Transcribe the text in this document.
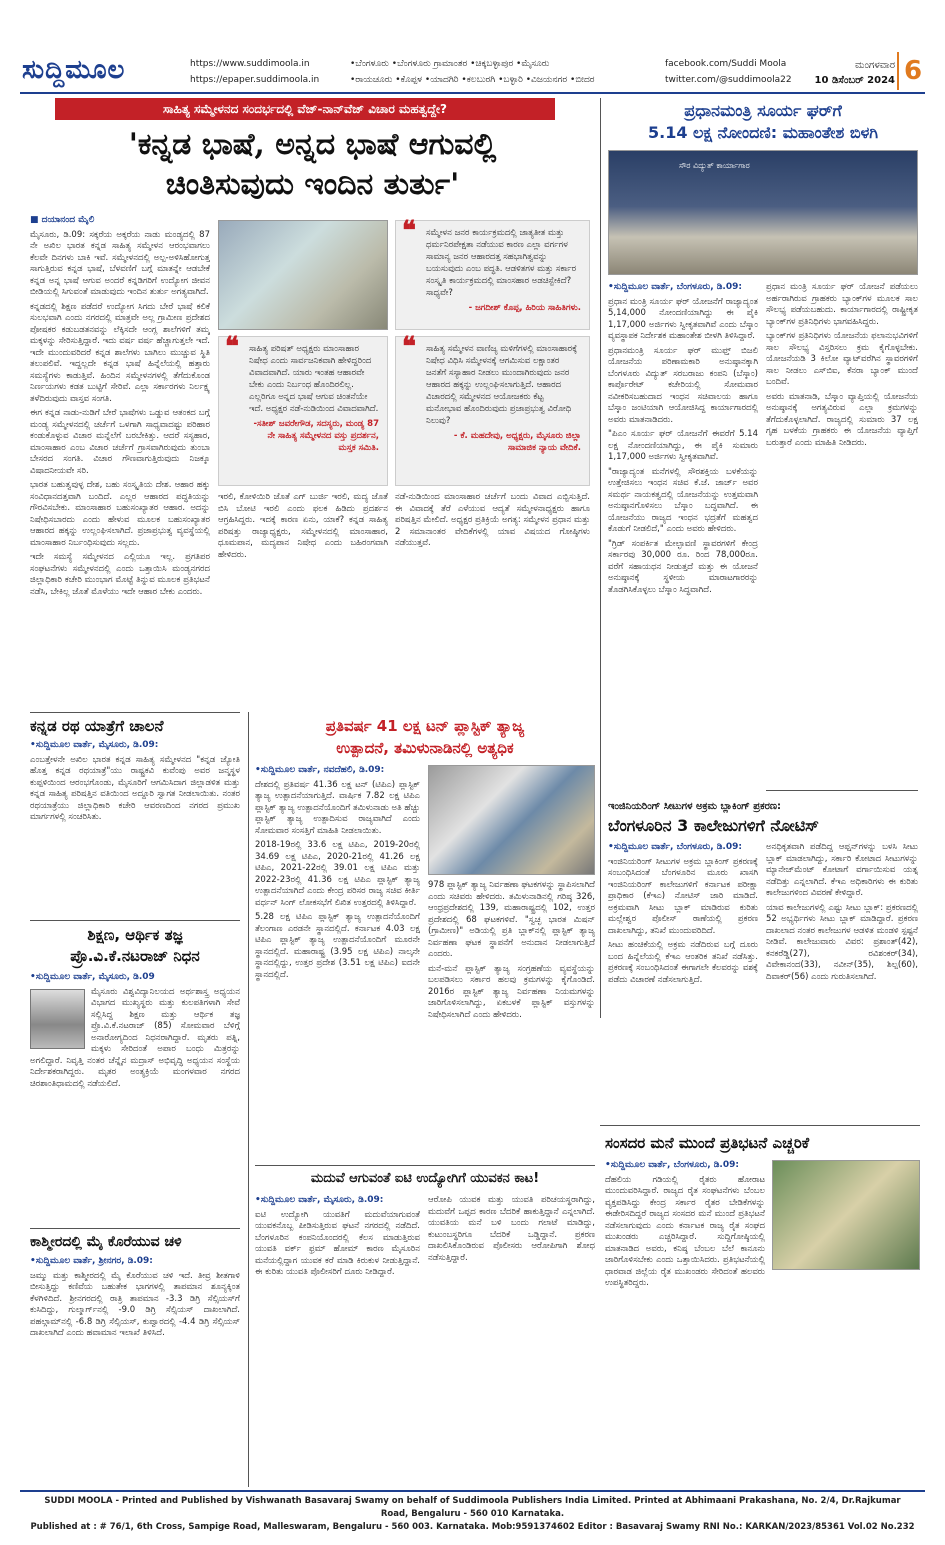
ಸುದ್ದಿಮೂಲ	https://www.suddimoola.in
https://epaper.suddimoola.in
•ಬೆಂಗಳೂರು •ಬೆಂಗಳೂರು ಗ್ರಾಮಾಂತರ •ಚಿಕ್ಕಬಳ್ಳಾಪುರ •ಮೈಸೂರು
•ರಾಯಚೂರು •ಕೊಪ್ಪಳ •ಯಾದಗಿರಿ •ಕಲಬುರಗಿ •ಬಳ್ಳಾರಿ •ವಿಜಯನಗರ •ಬೀದರ
facebook.com/Suddi Moola
twitter.com/@suddimoola22
ಮಂಗಳವಾರ
10 ಡಿಸೆಂಬರ್ 2024 6
ಸಾಹಿತ್ಯ ಸಮ್ಮೇಳನದ ಸಂದರ್ಭದಲ್ಲಿ ವೆಜ್-ನಾನ್‌ವೆಜ್ ವಿಚಾರ ಮಹತ್ವದ್ದೇ?
'ಕನ್ನಡ ಭಾಷೆ, ಅನ್ನದ ಭಾಷೆ ಆಗುವಲ್ಲಿ
ಚಿಂತಿಸುವುದು ಇಂದಿನ ತುರ್ತು'

■ ದಯಾನಂದ ಮೈಲಿ

ಮೈಸೂರು, ಡಿ.09: ಸಕ್ಕರೆಯ ಅಕ್ಕರೆಯ ನಾಡು ಮಂಡ್ಯದಲ್ಲಿ 87 ನೇ ಅಖಿಲ ಭಾರತ ಕನ್ನಡ ಸಾಹಿತ್ಯ ಸಮ್ಮೇಳನ ಆರಂಭವಾಗಲು ಕೆಲವೇ ದಿನಗಳು ಬಾಕಿ ಇವೆ. ಸಮ್ಮೇಳನದಲ್ಲಿ ಅಲ್ಪ-ಅಳಿಸಿಹೋಗುತ್ತ ಸಾಗುತ್ತಿರುವ ಕನ್ನಡ ಭಾಷೆ, ಬೆಳವಣಿಗೆ ಬಗ್ಗೆ ಮಾತನ್ನೇ ಆಡಬೇಕೆ ಕನ್ನಡ ಅನ್ನ ಭಾಷೆ ಆಗುವ ಅಂದರೆ ಕನ್ನಡಿಗರಿಗೆ ಉದ್ಯೋಗ ಜೀವನ ಬೀಡಿಯಲ್ಲಿ ಸಿಗುವಂತೆ ಮಾಡುವುದು ಇಂದಿನ ತುರ್ತು ಅಗತ್ಯವಾಗಿದೆ.

ಕನ್ನಡದಲ್ಲಿ ಶಿಕ್ಷಣ ಪಡೆದರೆ ಉದ್ಯೋಗ ಸಿಗದು ಬೇರೆ ಭಾಷೆ ಕಲಿಕೆ ಸುಲಭವಾಗಿ ಎಂದು ನಗರದಲ್ಲಿ ಮಾತ್ರವೇ ಅಲ್ಲ ಗ್ರಾಮೀಣ ಪ್ರದೇಶದ ಪೋಷಕರ ಕಡುಬಡತನವನ್ನು ಲೆಕ್ಕಿಸದೇ ಆಂಗ್ಲ ಶಾಲೆಗಳಿಗೆ ತಮ್ಮ ಮಕ್ಕಳನ್ನು ಸೇರಿಸುತ್ತಿದ್ದಾರೆ. ಇದು ವರ್ಷ ವರ್ಷ ಹೆಚ್ಚಾಗುತ್ತಲೇ ಇದೆ. ಇದೇ ಮುಂದುವರಿದರೆ ಕನ್ನಡ ಶಾಲೆಗಳು ಬಾಗಿಲು ಮುಚ್ಚುವ ಸ್ಥಿತಿ ತಲುಪಲಿವೆ. ಇದ್ದಲ್ಲದೇ ಕನ್ನಡ ಭಾಷೆ ಹಿನ್ನೆಲೆಯಲ್ಲಿ ಹತ್ತಾರು ಸಮಸ್ಯೆಗಳು ಕಾಡುತ್ತಿವೆ. ಹಿಂದಿನ ಸಮ್ಮೇಳನಗಳಲ್ಲಿ ತೆಗೆದುಕೊಂಡ ನಿರ್ಣಯಗಳು ಕಡತ ಬುಟ್ಟಿಗೆ ಸೇರಿವೆ. ಎಲ್ಲಾ ಸರ್ಕಾರಗಳು ನಿರ್ಲಕ್ಷ್ಯ ತಳೆದಿರುವುದು ವಾಸ್ತವ ಸಂಗತಿ.

ಈಗ ಕನ್ನಡ ನಾಡು-ನುಡಿಗೆ ಬೇರೆ ಭಾಷೆಗಳು ಒಡ್ಡುವ ಆತಂಕದ ಬಗ್ಗೆ ಮಂಡ್ಯ ಸಮ್ಮೇಳನದಲ್ಲಿ ಚರ್ಚೆಗೆ ಒಳಗಾಗಿ ಸಾಧ್ಯವಾದಷ್ಟು ಪರಿಹಾರ ಕಂಡುಕೊಳ್ಳುವ ವಿಚಾರ ಮನ್ನೆಲೆಗೆ ಬರಬೇಕಿತ್ತು. ಆದರೆ ಸಸ್ಯಹಾರ, ಮಾಂಸಾಹಾರ ಎಂಬ ವಿಚಾರ ಚರ್ಚೆಗೆ ಗ್ರಾಸವಾಗಿರುವುದು ತುಂಬಾ ಬೇಸರದ ಸಂಗತಿ. ವಿಚಾರ ಗೌಣವಾಗುತ್ತಿರುವುದು ನಿಜಕ್ಕೂ ವಿಷಾದನೀಯವೇ ಸರಿ.

ಭಾರತ ಬಹುತ್ವವುಳ್ಳ ದೇಶ, ಬಹು ಸಂಸ್ಕೃತಿಯ ದೇಶ. ಆಹಾರ ಹಕ್ಕು ಸಂವಿಧಾನದತ್ತವಾಗಿ ಬಂದಿದೆ. ಎಲ್ಲರ ಆಹಾರದ ಪದ್ಧತಿಯನ್ನು ಗೌರವಿಸಬೇಕು. ಮಾಂಸಾಹಾರ ಬಹುಸಂಖ್ಯಾತರ ಆಹಾರ. ಅದನ್ನು ನಿಷೇಧಿಸಬಾರದು ಎಂದು ಹೇಳುವ ಮೂಲಕ ಬಹುಸಂಖ್ಯಾತರ ಆಹಾರದ ಹಕ್ಕನ್ನು ಉಲ್ಲಂಘಿಸಲಾಗಿದೆ. ಪ್ರಜಾಪ್ರಭುತ್ವ ವ್ಯವಸ್ಥೆಯಲ್ಲಿ ಮಾಂಸಾಹಾರ ನಿರ್ಬಂಧಿಸುವುದು ಸಲ್ಲದು.

ಇದೇ ಸಮಸ್ಯೆ ಸಮ್ಮೇಳನದ ಎಲ್ಲಿಯೂ ಇಲ್ಲ. ಪ್ರಗತಿಪರ ಸಂಘಟನೆಗಳು ಸಮ್ಮೇಳನದಲ್ಲಿ ಎಂದು ಒತ್ತಾಯಿಸಿ ಮಂಡ್ಯನಗರದ ಜಿಲ್ಲಾಧಿಕಾರಿ ಕಚೇರಿ ಮುಂಭಾಗ ಮೊಟ್ಟೆ ತಿನ್ನುವ ಮೂಲಕ ಪ್ರತಿಭಟನೆ ನಡೆಸಿ, ಬೇಕಿಲ್ಲ ಜೊತೆ ಮೊಳೆಯು ಇದೇ ಆಹಾರ ಬೇಕು ಎಂದರು.

❝ ಸಮ್ಮೇಳನ ಜನರ ಕಾರ್ಯಕ್ರಮದಲ್ಲಿ ಜಾತ್ಯತೀತ ಮತ್ತು ಧರ್ಮನಿರಪೇಕ್ಷತಾ ನಡೆಯುವ ಕಾರಣ ಎಲ್ಲಾ ವರ್ಗಗಳ ಸಾಮಾನ್ಯ ಜನರ ಆಹಾರದತ್ತ ಸಹಭಾಗಿತ್ವವನ್ನು ಬಯಸುವುದು ಎಂಬ ಪದ್ಧತಿ. ಆಡಳಿತಗಳ ಮತ್ತು ಸರ್ಕಾರ ಸಂಸ್ಕೃತಿ ಕಾರ್ಯಕ್ರಮದಲ್ಲಿ ಮಾಂಸಹಾರ ಅಡಚಿಸ್ಬೇಕಿದೆ? ಸಾಧ್ಯವೇ?
- ಜಗದೀಶ್ ಕೊಪ್ಪ, ಹಿರಿಯ ಸಾಹಿತಿಗಳು.
❝ ಸಾಹಿತ್ಯ ಪರಿಷತ್ ಅಧ್ಯಕ್ಷರು ಮಾಂಸಾಹಾರ ನಿಷೇಧ ಎಂದು ಸಾರ್ವಜನಿಕವಾಗಿ ಹೇಳಿದ್ದರಿಂದ ವಿವಾದವಾಗಿದೆ. ಯಾರು ಇಂತಹ ಆಹಾರವೇ ಬೇಕು ಎಂದು ನಿರ್ಬಂಧ ಹೊಂದಿರಲಿಲ್ಲ. ಎಲ್ಲರಿಗೂ ಅನ್ನದ ಭಾಷೆ ಆಗುವ ಚಿಂತನೆಯೇ ಇದೆ. ಅಧ್ಯಕ್ಷರ ನಡೆ-ನುಡಿಯಿಂದ ವಿವಾದವಾಗಿದೆ.
-ಸತೀಶ್ ಜವರೇಗೌಡ, ಸದಸ್ಯರು, ಮಂಡ್ಯ 87 ನೇ ಸಾಹಿತ್ಯ ಸಮ್ಮೇಳನದ ವಸ್ತು ಪ್ರದರ್ಶನ, ಮಸ್ತಕ ಸಮಿತಿ.
❝ ಸಾಹಿತ್ಯ ಸಮ್ಮೇಳನ ವಾಣಿಜ್ಯ ಮಳಿಗೆಗಳಲ್ಲಿ ಮಾಂಸಾಹಾರಕ್ಕೆ ನಿಷೇಧ ವಿಧಿಸಿ ಸಮ್ಮೇಳನಕ್ಕೆ ಆಗಮಿಸುವ ಲಕ್ಷಾಂತರ ಜನತೆಗೆ ಸಸ್ಯಾಹಾರ ನೀಡಲು ಮುಂದಾಗಿರುವುದು ಜನರ ಆಹಾರದ ಹಕ್ಕನ್ನು ಉಲ್ಲಂಘಿಸಲಾಗುತ್ತಿದೆ. ಆಹಾರದ ವಿಚಾರದಲ್ಲಿ ಸಮ್ಮೇಳನದ ಆಯೋಜಕರು ಕೆಟ್ಟ ಮನೋಭಾವ ಹೊಂದಿರುವುದು ಪ್ರಜಾಪ್ರಭುತ್ವ ವಿರೋಧಿ ನಿಲುವು?
- ಕೆ. ಮಹದೇವು, ಅಧ್ಯಕ್ಷರು, ಮೈಸೂರು ಜಿಲ್ಲಾ ಸಾಮಾಜಿಕ ನ್ಯಾಯ ವೇದಿಕೆ.

ಇರಲಿ, ಕೋಳಿಯಿರಿ ಜೊತೆ ಎಗ್ ಬುರ್ಜಿ ಇರಲಿ, ಮದ್ಯ ಜೊತೆ ಬಿಸಿ ಬೋಟಿ ಇರಲಿ ಎಂದು ಫಲಕ ಹಿಡಿದು ಪ್ರದರ್ಶನ ಆಗ್ರಹಿಸಿದ್ದರು. ಇದಕ್ಕೆ ಕಾರಣ ಏನು, ಯಾಕೆ? ಕನ್ನಡ ಸಾಹಿತ್ಯ ಪರಿಷತ್ತು ರಾಜ್ಯಾಧ್ಯಕ್ಷರು, ಸಮ್ಮೇಳನದಲ್ಲಿ ಮಾಂಸಾಹಾರ, ಧೂಮಪಾನ, ಮದ್ಯಪಾನ ನಿಷೇಧ ಎಂದು ಬಹಿರಂಗವಾಗಿ ಹೇಳಿದರು.

ನಡೆ-ನುಡಿಯಿಂದ ಮಾಂಸಾಹಾರ ಚರ್ಚೆಗೆ ಬಂದು ವಿವಾದ ಎಬ್ಬಿಸುತ್ತಿದೆ. ಈ ವಿವಾದಕ್ಕೆ ತೆರೆ ಎಳೆಯುವ ಆದ್ಯತೆ ಸಮ್ಮೇಳನಾಧ್ಯಕ್ಷರು ಹಾಗೂ ಪರಿಷತ್ತಿನ ಮೇಲಿದೆ. ಅಧ್ಯಕ್ಷರ ಪ್ರತಿಕ್ರಿಯೆ ಅಗತ್ಯ: ಸಮ್ಮೇಳನ ಪ್ರಧಾನ ಮತ್ತು 2 ಸಮಾನಾಂತರ ವೇದಿಕೆಗಳಲ್ಲಿ ಯಾವ ವಿಷಯದ ಗೋಷ್ಠಿಗಳು ನಡೆಯುತ್ತವೆ.

ಪ್ರಧಾನಮಂತ್ರಿ ಸೂರ್ಯ ಘರ್‌ಗೆ
5.14 ಲಕ್ಷ ನೋಂದಣಿ: ಮಹಾಂತೇಶ ಬಿಳಗಿ
ಸೌರ ವಿದ್ಯುತ್ ಕಾರ್ಯಾಗಾರ

•ಸುದ್ದಿಮೂಲ ವಾರ್ತೆ, ಬೆಂಗಳೂರು, ಡಿ.09:

ಪ್ರಧಾನ ಮಂತ್ರಿ ಸೂರ್ಯ ಘರ್ ಯೋಜನೆಗೆ ರಾಜ್ಯಾದ್ಯಂತ 5,14,000 ನೋಂದಣಿಯಾಗಿದ್ದು ಈ ಪೈಕಿ 1,17,000 ಅರ್ಜಿಗಳು ಸ್ವೀಕೃತವಾಗಿವೆ ಎಂದು ಬೆಸ್ಕಾಂ ವ್ಯವಸ್ಥಾಪಕ ನಿರ್ದೇಶಕ ಮಹಾಂತೇಶ ಬೀಳಗಿ ತಿಳಿಸಿದ್ದಾರೆ.

ಪ್ರಧಾನಮಂತ್ರಿ ಸೂರ್ಯ ಘರ್ ಮುಫ್ತ್ ಬಿಜಲಿ ಯೋಜನೆಯ ಪರಿಣಾಮಕಾರಿ ಅನುಷ್ಠಾನಕ್ಕಾಗಿ ಬೆಂಗಳೂರು ವಿದ್ಯುತ್ ಸರಬರಾಜು ಕಂಪನಿ (ಬೆಸ್ಕಾಂ) ಕಾರ್ಪೊರೇಟ್ ಕಚೇರಿಯಲ್ಲಿ ಸೋಮವಾರ ನವೀಕರಿಸಬಹುದಾದ ಇಂಧನ ಸಚಿವಾಲಯ ಹಾಗೂ ಬೆಸ್ಕಾಂ ಜಂಟಿಯಾಗಿ ಆಯೋಜಿಸಿದ್ದ ಕಾರ್ಯಾಗಾರದಲ್ಲಿ ಅವರು ಮಾತನಾಡಿದರು.

"ಪಿಎಂ ಸೂರ್ಯ ಘರ್ ಯೋಜನೆಗೆ ಈವರೆಗೆ 5.14 ಲಕ್ಷ ನೋಂದಣಿಯಾಗಿದ್ದು, ಈ ಪೈಕಿ ಸುಮಾರು 1,17,000 ಅರ್ಜಿಗಳು ಸ್ವೀಕೃತವಾಗಿವೆ.

"ರಾಜ್ಯಾದ್ಯಂತ ಮನೆಗಳಲ್ಲಿ ಸೌರಶಕ್ತಿಯ ಬಳಕೆಯನ್ನು ಉತ್ತೇಜಿಸಲು ಇಂಧನ ಸಚಿವ ಕೆ.ಜೆ. ಜಾರ್ಜ್ ಅವರ ಸಮರ್ಥ ನಾಯಕತ್ವದಲ್ಲಿ ಯೋಜನೆಯನ್ನು ಉತ್ತಮವಾಗಿ ಅನುಷ್ಠಾನಗೊಳಿಸಲು ಬೆಸ್ಕಾಂ ಬದ್ಧವಾಗಿದೆ. ಈ ಯೋಜನೆಯು ರಾಜ್ಯದ ಇಂಧನ ಭದ್ರತೆಗೆ ಮಹತ್ವದ ಕೊಡುಗೆ ನೀಡಲಿದೆ," ಎಂದು ಅವರು ಹೇಳಿದರು.

"ಗ್ರಿಡ್ ಸಂಪರ್ಕಿತ ಮೇಲ್ಛಾವಣಿ ಸ್ಥಾವರಗಳಿಗೆ ಕೇಂದ್ರ ಸರ್ಕಾರವು 30,000 ರೂ. ರಿಂದ 78,000ರೂ. ವರೆಗೆ ಸಹಾಯಧನ ನೀಡುತ್ತದೆ ಮತ್ತು ಈ ಯೋಜನೆ ಅನುಷ್ಠಾನಕ್ಕೆ ಸ್ಥಳೀಯ ಮಾರಾಟಗಾರರನ್ನು ತೊಡಗಿಸಿಕೊಳ್ಳಲು ಬೆಸ್ಕಾಂ ಸಿದ್ಧವಾಗಿದೆ.

ಪ್ರಧಾನ ಮಂತ್ರಿ ಸೂರ್ಯ ಘರ್ ಯೋಜನೆ ಪಡೆಯಲು ಅರ್ಹರಾಗಿರುವ ಗ್ರಾಹಕರು ಬ್ಯಾಂಕ್‌ಗಳ ಮೂಲಕ ಸಾಲ ಸೌಲಭ್ಯ ಪಡೆಯಬಹುದು. ಕಾರ್ಯಾಗಾರದಲ್ಲಿ ರಾಷ್ಟ್ರೀಕೃತ ಬ್ಯಾಂಕ್‌ಗಳ ಪ್ರತಿನಿಧಿಗಳು ಭಾಗವಹಿಸಿದ್ದರು.

ಬ್ಯಾಂಕ್‌ಗಳ ಪ್ರತಿನಿಧಿಗಳು ಯೋಜನೆಯ ಫಲಾನುಭವಿಗಳಿಗೆ ಸಾಲ ಸೌಲಭ್ಯ ವಿಸ್ತರಿಸಲು ಕ್ರಮ ಕೈಗೊಳ್ಳಬೇಕು. ಯೋಜನೆಯಡಿ 3 ಕಿಲೋ ವ್ಯಾಟ್‌ವರೆಗಿನ ಸ್ಥಾವರಗಳಿಗೆ ಸಾಲ ನೀಡಲು ಎಸ್‌ಬಿಐ, ಕೆನರಾ ಬ್ಯಾಂಕ್ ಮುಂದೆ ಬಂದಿವೆ.

ಅವರು ಮಾತನಾಡಿ, ಬೆಸ್ಕಾಂ ವ್ಯಾಪ್ತಿಯಲ್ಲಿ ಯೋಜನೆಯ ಅನುಷ್ಠಾನಕ್ಕೆ ಅಗತ್ಯವಿರುವ ಎಲ್ಲಾ ಕ್ರಮಗಳನ್ನು ತೆಗೆದುಕೊಳ್ಳಲಾಗಿದೆ. ರಾಜ್ಯದಲ್ಲಿ ಸುಮಾರು 37 ಲಕ್ಷ ಗೃಹ ಬಳಕೆಯ ಗ್ರಾಹಕರು ಈ ಯೋಜನೆಯ ವ್ಯಾಪ್ತಿಗೆ ಬರುತ್ತಾರೆ ಎಂದು ಮಾಹಿತಿ ನೀಡಿದರು.

ಇಂಜಿನಿಯರಿಂಗ್ ಸೀಟುಗಳ ಅಕ್ರಮ ಬ್ಲಾಕಿಂಗ್ ಪ್ರಕರಣ:
ಬೆಂಗಳೂರಿನ 3 ಕಾಲೇಜುಗಳಿಗೆ ನೋಟಿಸ್

•ಸುದ್ದಿಮೂಲ ವಾರ್ತೆ, ಬೆಂಗಳೂರು, ಡಿ.09:

ಇಂಜಿನಿಯರಿಂಗ್ ಸೀಟುಗಳ ಅಕ್ರಮ ಬ್ಲಾಕಿಂಗ್ ಪ್ರಕರಣಕ್ಕೆ ಸಂಬಂಧಿಸಿದಂತೆ ಬೆಂಗಳೂರಿನ ಮೂರು ಖಾಸಗಿ ಇಂಜಿನಿಯರಿಂಗ್ ಕಾಲೇಜುಗಳಿಗೆ ಕರ್ನಾಟಕ ಪರೀಕ್ಷಾ ಪ್ರಾಧಿಕಾರ (ಕೆಇಎ) ನೋಟಿಸ್ ಜಾರಿ ಮಾಡಿದೆ. ಅಕ್ರಮವಾಗಿ ಸೀಟು ಬ್ಲಾಕ್ ಮಾಡಿರುವ ಕುರಿತು ಮಲ್ಲೇಶ್ವರ ಪೊಲೀಸ್ ಠಾಣೆಯಲ್ಲಿ ಪ್ರಕರಣ ದಾಖಲಾಗಿದ್ದು, ತನಿಖೆ ಮುಂದುವರಿದಿದೆ.

ಸೀಟು ಹಂಚಿಕೆಯಲ್ಲಿ ಅಕ್ರಮ ನಡೆದಿರುವ ಬಗ್ಗೆ ದೂರು ಬಂದ ಹಿನ್ನೆಲೆಯಲ್ಲಿ ಕೆಇಎ ಆಂತರಿಕ ತನಿಖೆ ನಡೆಸಿತ್ತು. ಪ್ರಕರಣಕ್ಕೆ ಸಂಬಂಧಿಸಿದಂತೆ ಈಗಾಗಲೇ ಕೆಲವರನ್ನು ವಶಕ್ಕೆ ಪಡೆದು ವಿಚಾರಣೆ ನಡೆಸಲಾಗುತ್ತಿದೆ.

ಅನಧಿಕೃತವಾಗಿ ಪಡೆದಿದ್ದ ಆಪ್ಷನ್‌ಗಳನ್ನು ಬಳಸಿ ಸೀಟು ಬ್ಲಾಕ್ ಮಾಡಲಾಗಿದ್ದು, ಸರ್ಕಾರಿ ಕೋಟಾದ ಸೀಟುಗಳನ್ನು ಮ್ಯಾನೇಜ್‌ಮೆಂಟ್ ಕೋಟಾಗೆ ವರ್ಗಾಯಿಸುವ ಯತ್ನ ನಡೆದಿತ್ತು ಎನ್ನಲಾಗಿದೆ. ಕೆಇಎ ಅಧಿಕಾರಿಗಳು ಈ ಕುರಿತು ಕಾಲೇಜುಗಳಿಂದ ವಿವರಣೆ ಕೇಳಿದ್ದಾರೆ.

ಯಾವ ಕಾಲೇಜುಗಳಲ್ಲಿ ಎಷ್ಟು ಸೀಟು ಬ್ಲಾಕ್: ಪ್ರಕರಣದಲ್ಲಿ 52 ಅಭ್ಯರ್ಥಿಗಳು ಸೀಟು ಬ್ಲಾಕ್ ಮಾಡಿದ್ದಾರೆ. ಪ್ರಕರಣ ದಾಖಲಾದ ನಂತರ ಕಾಲೇಜುಗಳ ಆಡಳಿತ ಮಂಡಳಿ ಸ್ಪಷ್ಟನೆ ನೀಡಿವೆ. ಕಾಲೇಜುವಾರು ವಿವರ: ಪ್ರಶಾಂತ್(42), ಕನಕರೆಡ್ಡಿ(27), ರವಿಶಂಕರ್(34), ವಿವೇಕಾನಂದ(33), ನವೀನ್(35), ಶಿಲ್ಪ(60), ದಿವಾಕರ್(56) ಎಂದು ಗುರುತಿಸಲಾಗಿದೆ.

ಸಂಸದರ ಮನೆ ಮುಂದೆ ಪ್ರತಿಭಟನೆ ಎಚ್ಚರಿಕೆ

•ಸುದ್ದಿಮೂಲ ವಾರ್ತೆ, ಬೆಂಗಳೂರು, ಡಿ.09:

ದೆಹಲಿಯ ಗಡಿಯಲ್ಲಿ ರೈತರು ಹೋರಾಟ ಮುಂದುವರಿಸಿದ್ದಾರೆ. ರಾಜ್ಯದ ರೈತ ಸಂಘಟನೆಗಳು ಬೆಂಬಲ ವ್ಯಕ್ತಪಡಿಸಿದ್ದು ಕೇಂದ್ರ ಸರ್ಕಾರ ರೈತರ ಬೇಡಿಕೆಗಳನ್ನು ಈಡೇರಿಸದಿದ್ದರೆ ರಾಜ್ಯದ ಸಂಸದರ ಮನೆ ಮುಂದೆ ಪ್ರತಿಭಟನೆ ನಡೆಸಲಾಗುವುದು ಎಂದು ಕರ್ನಾಟಕ ರಾಜ್ಯ ರೈತ ಸಂಘದ ಮುಖಂಡರು ಎಚ್ಚರಿಸಿದ್ದಾರೆ. ಸುದ್ದಿಗೋಷ್ಠಿಯಲ್ಲಿ ಮಾತನಾಡಿದ ಅವರು, ಕನಿಷ್ಠ ಬೆಂಬಲ ಬೆಲೆ ಕಾನೂನು ಜಾರಿಗೊಳಿಸಬೇಕು ಎಂದು ಒತ್ತಾಯಿಸಿದರು. ಪ್ರತಿಭಟನೆಯಲ್ಲಿ ಧಾರವಾಡ ಜಿಲ್ಲೆಯ ರೈತ ಮುಖಂಡರು ಸೇರಿದಂತೆ ಹಲವರು ಉಪಸ್ಥಿತರಿದ್ದರು.

ಕನ್ನಡ ರಥ ಯಾತ್ರೆಗೆ ಚಾಲನೆ

•ಸುದ್ದಿಮೂಲ ವಾರ್ತೆ, ಮೈಸೂರು, ಡಿ.09:

ಎಂಬತ್ತೇಳನೇ ಅಖಿಲ ಭಾರತ ಕನ್ನಡ ಸಾಹಿತ್ಯ ಸಮ್ಮೇಳನದ "ಕನ್ನಡ ಜ್ಯೋತಿ ಹೊತ್ತ ಕನ್ನಡ ರಥಯಾತ್ರೆ"ಯು ರಾಷ್ಟ್ರಕವಿ ಕುವೆಂಪು ಅವರ ಜನ್ಮಸ್ಥಳ ಕುಪ್ಪಳಿಯಿಂದ ಆರಂಭಗೊಂಡು, ಮೈಸೂರಿಗೆ ಆಗಮಿಸಿದಾಗ ಜಿಲ್ಲಾಡಳಿತ ಮತ್ತು ಕನ್ನಡ ಸಾಹಿತ್ಯ ಪರಿಷತ್ತಿನ ವತಿಯಿಂದ ಅದ್ದೂರಿ ಸ್ವಾಗತ ನೀಡಲಾಯಿತು. ನಂತರ ರಥಯಾತ್ರೆಯು ಜಿಲ್ಲಾಧಿಕಾರಿ ಕಚೇರಿ ಆವರಣದಿಂದ ನಗರದ ಪ್ರಮುಖ ಮಾರ್ಗಗಳಲ್ಲಿ ಸಂಚರಿಸಿತು.

ಶಿಕ್ಷಣ, ಆರ್ಥಿಕ ತಜ್ಞ
ಪ್ರೊ.ವಿ.ಕೆ.ನಟರಾಜ್ ನಿಧನ

•ಸುದ್ದಿಮೂಲ ವಾರ್ತೆ, ಮೈಸೂರು, ಡಿ.09

ಮೈಸೂರು ವಿಶ್ವವಿದ್ಯಾನಿಲಯದ ಅರ್ಥಶಾಸ್ತ್ರ ಅಧ್ಯಯನ ವಿಭಾಗದ ಮುಖ್ಯಸ್ಥರು ಮತ್ತು ಕುಲಪತಿಗಳಾಗಿ ಸೇವೆ ಸಲ್ಲಿಸಿದ್ದ ಶಿಕ್ಷಣ ಮತ್ತು ಆರ್ಥಿಕ ತಜ್ಞ ಪ್ರೊ.ವಿ.ಕೆ.ನಟರಾಜ್ (85) ಸೋಮವಾರ ಬೆಳಿಗ್ಗೆ ಅನಾರೋಗ್ಯದಿಂದ ನಿಧನರಾಗಿದ್ದಾರೆ. ಮೃತರು ಪತ್ನಿ, ಮಕ್ಕಳು ಸೇರಿದಂತೆ ಅಪಾರ ಬಂಧು ಮಿತ್ರರನ್ನು ಅಗಲಿದ್ದಾರೆ. ನಿವೃತ್ತಿ ನಂತರ ಚೆನ್ನೈನ ಮದ್ರಾಸ್ ಅಭಿವೃದ್ಧಿ ಅಧ್ಯಯನ ಸಂಸ್ಥೆಯ ನಿರ್ದೇಶಕರಾಗಿದ್ದರು. ಮೃತರ ಅಂತ್ಯಕ್ರಿಯೆ ಮಂಗಳವಾರ ನಗರದ ಚಿರಶಾಂತಿಧಾಮದಲ್ಲಿ ನಡೆಯಲಿದೆ.

ಕಾಶ್ಮೀರದಲ್ಲಿ ಮೈ ಕೊರೆಯುವ ಚಳಿ

•ಸುದ್ದಿಮೂಲ ವಾರ್ತೆ, ಶ್ರೀನಗರ, ಡಿ.09:

ಜಮ್ಮು ಮತ್ತು ಕಾಶ್ಮೀರದಲ್ಲಿ ಮೈ ಕೊರೆಯುವ ಚಳಿ ಇದೆ. ತೀವ್ರ ಶೀತಗಾಳಿ ಬೀಸುತ್ತಿದ್ದು ಕಣಿವೆಯ ಬಹುತೇಕ ಭಾಗಗಳಲ್ಲಿ ತಾಪಮಾನ ಶೂನ್ಯಕ್ಕಿಂತ ಕೆಳಗಿಳಿದಿದೆ. ಶ್ರೀನಗರದಲ್ಲಿ ರಾತ್ರಿ ತಾಪಮಾನ -3.3 ಡಿಗ್ರಿ ಸೆಲ್ಸಿಯಸ್‌ಗೆ ಕುಸಿದಿದ್ದು, ಗುಲ್ಮಾರ್ಗ್‌ನಲ್ಲಿ -9.0 ಡಿಗ್ರಿ ಸೆಲ್ಸಿಯಸ್ ದಾಖಲಾಗಿದೆ. ಪಹಲ್ಗಾಮ್‌ನಲ್ಲಿ -6.8 ಡಿಗ್ರಿ ಸೆಲ್ಸಿಯಸ್, ಕುಪ್ವಾರದಲ್ಲಿ -4.4 ಡಿಗ್ರಿ ಸೆಲ್ಸಿಯಸ್ ದಾಖಲಾಗಿದೆ ಎಂದು ಹವಾಮಾನ ಇಲಾಖೆ ತಿಳಿಸಿದೆ.

ಪ್ರತಿವರ್ಷ 41 ಲಕ್ಷ ಟನ್ ಪ್ಲಾಸ್ಟಿಕ್ ತ್ಯಾಜ್ಯ
ಉತ್ಪಾದನೆ, ತಮಿಳುನಾಡಿನಲ್ಲಿ ಅತ್ಯಧಿಕ

•ಸುದ್ದಿಮೂಲ ವಾರ್ತೆ, ನವದೆಹಲಿ, ಡಿ.09:

ದೇಶದಲ್ಲಿ ಪ್ರತಿವರ್ಷ 41.36 ಲಕ್ಷ ಟನ್ (ಟಿಪಿಎ) ಪ್ಲಾಸ್ಟಿಕ್ ತ್ಯಾಜ್ಯ ಉತ್ಪಾದನೆಯಾಗುತ್ತಿದೆ. ವಾರ್ಷಿಕ 7.82 ಲಕ್ಷ ಟಿಪಿಎ ಪ್ಲಾಸ್ಟಿಕ್ ತ್ಯಾಜ್ಯ ಉತ್ಪಾದನೆಯೊಂದಿಗೆ ತಮಿಳುನಾಡು ಅತಿ ಹೆಚ್ಚು ಪ್ಲಾಸ್ಟಿಕ್ ತ್ಯಾಜ್ಯ ಉತ್ಪಾದಿಸುವ ರಾಜ್ಯವಾಗಿದೆ ಎಂದು ಸೋಮವಾರ ಸಂಸತ್ತಿಗೆ ಮಾಹಿತಿ ನೀಡಲಾಯಿತು.

2018-19ರಲ್ಲಿ 33.6 ಲಕ್ಷ ಟಿಪಿಎ, 2019-20ರಲ್ಲಿ 34.69 ಲಕ್ಷ ಟಿಪಿಎ, 2020-21ರಲ್ಲಿ 41.26 ಲಕ್ಷ ಟಿಪಿಎ, 2021-22ರಲ್ಲಿ 39.01 ಲಕ್ಷ ಟಿಪಿಎ ಮತ್ತು 2022-23ರಲ್ಲಿ 41.36 ಲಕ್ಷ ಟಿಪಿಎ ಪ್ಲಾಸ್ಟಿಕ್ ತ್ಯಾಜ್ಯ ಉತ್ಪಾದನೆಯಾಗಿದೆ ಎಂದು ಕೇಂದ್ರ ಪರಿಸರ ರಾಜ್ಯ ಸಚಿವ ಕೀರ್ತಿ ವರ್ಧನ್ ಸಿಂಗ್ ಲೋಕಸಭೆಗೆ ಲಿಖಿತ ಉತ್ತರದಲ್ಲಿ ತಿಳಿಸಿದ್ದಾರೆ.

5.28 ಲಕ್ಷ ಟಿಪಿಎ ಪ್ಲಾಸ್ಟಿಕ್ ತ್ಯಾಜ್ಯ ಉತ್ಪಾದನೆಯೊಂದಿಗೆ ತೆಲಂಗಾಣ ಎರಡನೇ ಸ್ಥಾನದಲ್ಲಿದೆ. ಕರ್ನಾಟಕ 4.03 ಲಕ್ಷ ಟಿಪಿಎ ಪ್ಲಾಸ್ಟಿಕ್ ತ್ಯಾಜ್ಯ ಉತ್ಪಾದನೆಯೊಂದಿಗೆ ಮೂರನೇ ಸ್ಥಾನದಲ್ಲಿದೆ. ಮಹಾರಾಷ್ಟ್ರ (3.95 ಲಕ್ಷ ಟಿಪಿಎ) ನಾಲ್ಕನೇ ಸ್ಥಾನದಲ್ಲಿದ್ದು, ಉತ್ತರ ಪ್ರದೇಶ (3.51 ಲಕ್ಷ ಟಿಪಿಎ) ಐದನೇ ಸ್ಥಾನದಲ್ಲಿದೆ.

978 ಪ್ಲಾಸ್ಟಿಕ್ ತ್ಯಾಜ್ಯ ನಿರ್ವಹಣಾ ಘಟಕಗಳನ್ನು ಸ್ಥಾಪಿಸಲಾಗಿದೆ ಎಂದು ಸಚಿವರು ಹೇಳಿದರು. ತಮಿಳುನಾಡಿನಲ್ಲಿ ಗರಿಷ್ಠ 326, ಆಂಧ್ರಪ್ರದೇಶದಲ್ಲಿ 139, ಮಹಾರಾಷ್ಟ್ರದಲ್ಲಿ 102, ಉತ್ತರ ಪ್ರದೇಶದಲ್ಲಿ 68 ಘಟಕಗಳಿವೆ. "ಸ್ವಚ್ಛ ಭಾರತ ಮಿಷನ್ (ಗ್ರಾಮೀಣ)" ಅಡಿಯಲ್ಲಿ ಪ್ರತಿ ಬ್ಲಾಕ್‌ನಲ್ಲಿ ಪ್ಲಾಸ್ಟಿಕ್ ತ್ಯಾಜ್ಯ ನಿರ್ವಹಣಾ ಘಟಕ ಸ್ಥಾಪನೆಗೆ ಅನುದಾನ ನೀಡಲಾಗುತ್ತಿದೆ ಎಂದರು.

ಮನೆ-ಮನೆ ಪ್ಲಾಸ್ಟಿಕ್ ತ್ಯಾಜ್ಯ ಸಂಗ್ರಹಣೆಯ ವ್ಯವಸ್ಥೆಯನ್ನು ಬಲಪಡಿಸಲು ಸರ್ಕಾರ ಹಲವು ಕ್ರಮಗಳನ್ನು ಕೈಗೊಂಡಿದೆ. 2016ರ ಪ್ಲಾಸ್ಟಿಕ್ ತ್ಯಾಜ್ಯ ನಿರ್ವಹಣಾ ನಿಯಮಗಳನ್ನು ಜಾರಿಗೊಳಿಸಲಾಗಿದ್ದು, ಏಕಬಳಕೆ ಪ್ಲಾಸ್ಟಿಕ್ ವಸ್ತುಗಳನ್ನು ನಿಷೇಧಿಸಲಾಗಿದೆ ಎಂದು ಹೇಳಿದರು.

ಮದುವೆ ಆಗುವಂತೆ ಐಟಿ ಉದ್ಯೋಗಿಗೆ ಯುವಕನ ಕಾಟ!

•ಸುದ್ದಿಮೂಲ ವಾರ್ತೆ, ಮೈಸೂರು, ಡಿ.09:

ಐಟಿ ಉದ್ಯೋಗಿ ಯುವತಿಗೆ ಮದುವೆಯಾಗುವಂತೆ ಯುವಕನೊಬ್ಬ ಪೀಡಿಸುತ್ತಿರುವ ಘಟನೆ ನಗರದಲ್ಲಿ ನಡೆದಿದೆ. ಬೆಂಗಳೂರಿನ ಕಂಪನಿಯೊಂದರಲ್ಲಿ ಕೆಲಸ ಮಾಡುತ್ತಿರುವ ಯುವತಿ ವರ್ಕ್ ಫ್ರಮ್ ಹೋಮ್ ಕಾರಣ ಮೈಸೂರಿನ ಮನೆಯಲ್ಲಿದ್ದಾಗ ಯುವಕ ಕರೆ ಮಾಡಿ ಕಿರುಕುಳ ನೀಡುತ್ತಿದ್ದಾನೆ. ಈ ಕುರಿತು ಯುವತಿ ಪೊಲೀಸರಿಗೆ ದೂರು ನೀಡಿದ್ದಾರೆ.

ಆರೋಪಿ ಯುವಕ ಮತ್ತು ಯುವತಿ ಪರಿಚಯಸ್ಥರಾಗಿದ್ದು, ಮದುವೆಗೆ ಒಪ್ಪದ ಕಾರಣ ಬೆದರಿಕೆ ಹಾಕುತ್ತಿದ್ದಾನೆ ಎನ್ನಲಾಗಿದೆ. ಯುವತಿಯ ಮನೆ ಬಳಿ ಬಂದು ಗಲಾಟೆ ಮಾಡಿದ್ದು, ಕುಟುಂಬಸ್ಥರಿಗೂ ಬೆದರಿಕೆ ಒಡ್ಡಿದ್ದಾನೆ. ಪ್ರಕರಣ ದಾಖಲಿಸಿಕೊಂಡಿರುವ ಪೊಲೀಸರು ಆರೋಪಿಗಾಗಿ ಶೋಧ ನಡೆಸುತ್ತಿದ್ದಾರೆ.

SUDDI MOOLA - Printed and Published by Vishwanath Basavaraj Swamy on behalf of Suddimoola Publishers India Limited. Printed at Abhimaani Prakashana, No. 2/4, Dr.Rajkumar Road, Bengaluru - 560 010 Karnataka.
Published at : # 76/1, 6th Cross, Sampige Road, Malleswaram, Bengaluru - 560 003. Karnataka. Mob:9591374602 Editor : Basavaraj Swamy RNI No.: KARKAN/2023/85361 Vol.02 No.232
